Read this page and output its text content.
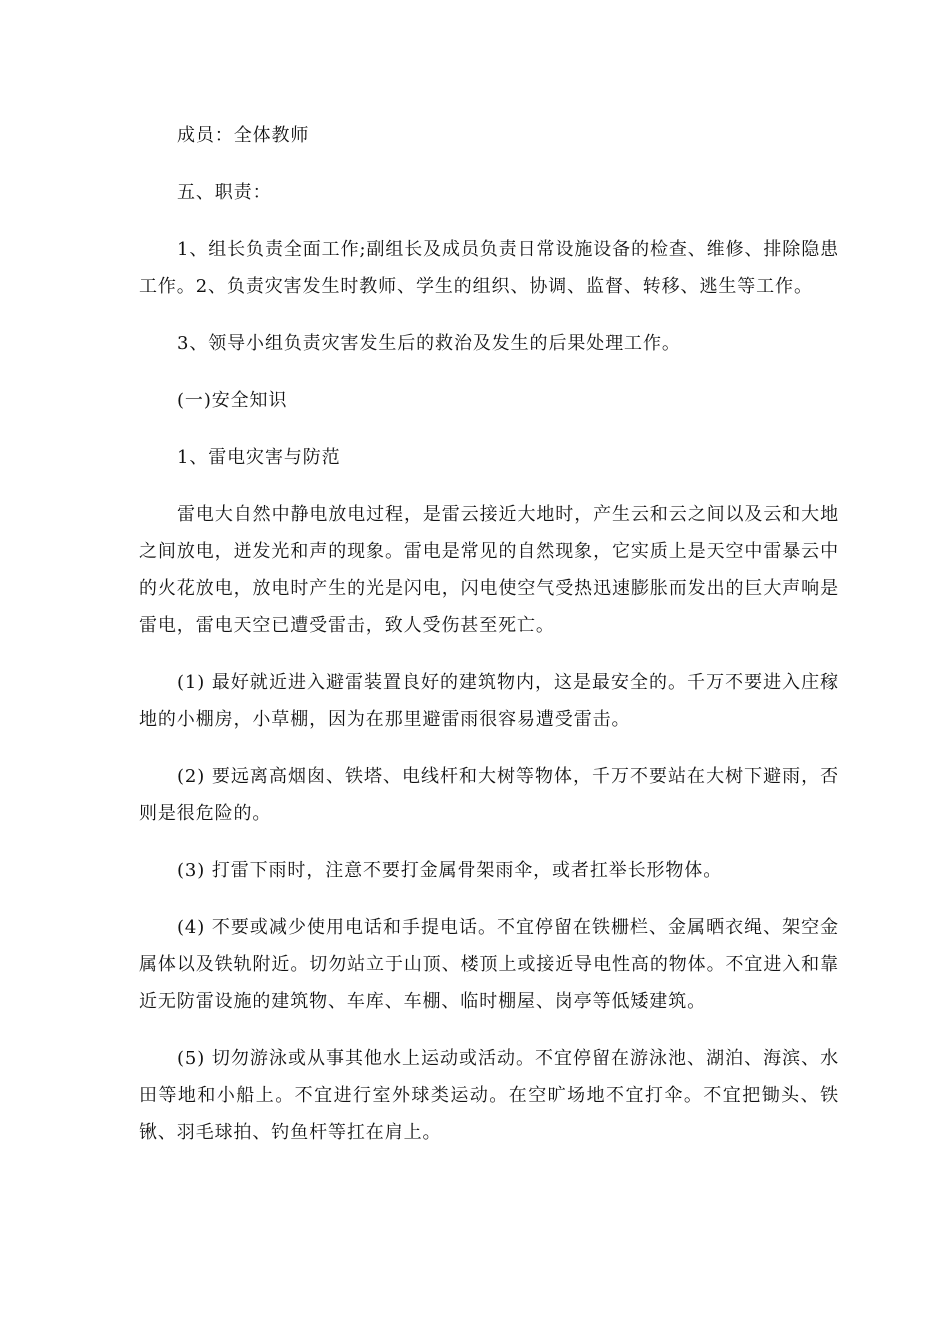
成员：全体教师

五、职责：

1、组长负责全面工作;副组长及成员负责日常设施设备的检查、维修、排除隐患工作。2、负责灾害发生时教师、学生的组织、协调、监督、转移、逃生等工作。

3、领导小组负责灾害发生后的救治及发生的后果处理工作。

(一)安全知识

1、雷电灾害与防范

雷电大自然中静电放电过程，是雷云接近大地时，产生云和云之间以及云和大地之间放电，迸发光和声的现象。雷电是常见的自然现象，它实质上是天空中雷暴云中的火花放电，放电时产生的光是闪电，闪电使空气受热迅速膨胀而发出的巨大声响是雷电，雷电天空已遭受雷击，致人受伤甚至死亡。

(1) 最好就近进入避雷装置良好的建筑物内，这是最安全的。千万不要进入庄稼地的小棚房，小草棚，因为在那里避雷雨很容易遭受雷击。

(2) 要远离高烟囱、铁塔、电线杆和大树等物体，千万不要站在大树下避雨，否则是很危险的。

(3) 打雷下雨时，注意不要打金属骨架雨伞，或者扛举长形物体。

(4) 不要或减少使用电话和手提电话。不宜停留在铁栅栏、金属晒衣绳、架空金属体以及铁轨附近。切勿站立于山顶、楼顶上或接近导电性高的物体。不宜进入和靠近无防雷设施的建筑物、车库、车棚、临时棚屋、岗亭等低矮建筑。

(5) 切勿游泳或从事其他水上运动或活动。不宜停留在游泳池、湖泊、海滨、水田等地和小船上。不宜进行室外球类运动。在空旷场地不宜打伞。不宜把锄头、铁锹、羽毛球拍、钓鱼杆等扛在肩上。
